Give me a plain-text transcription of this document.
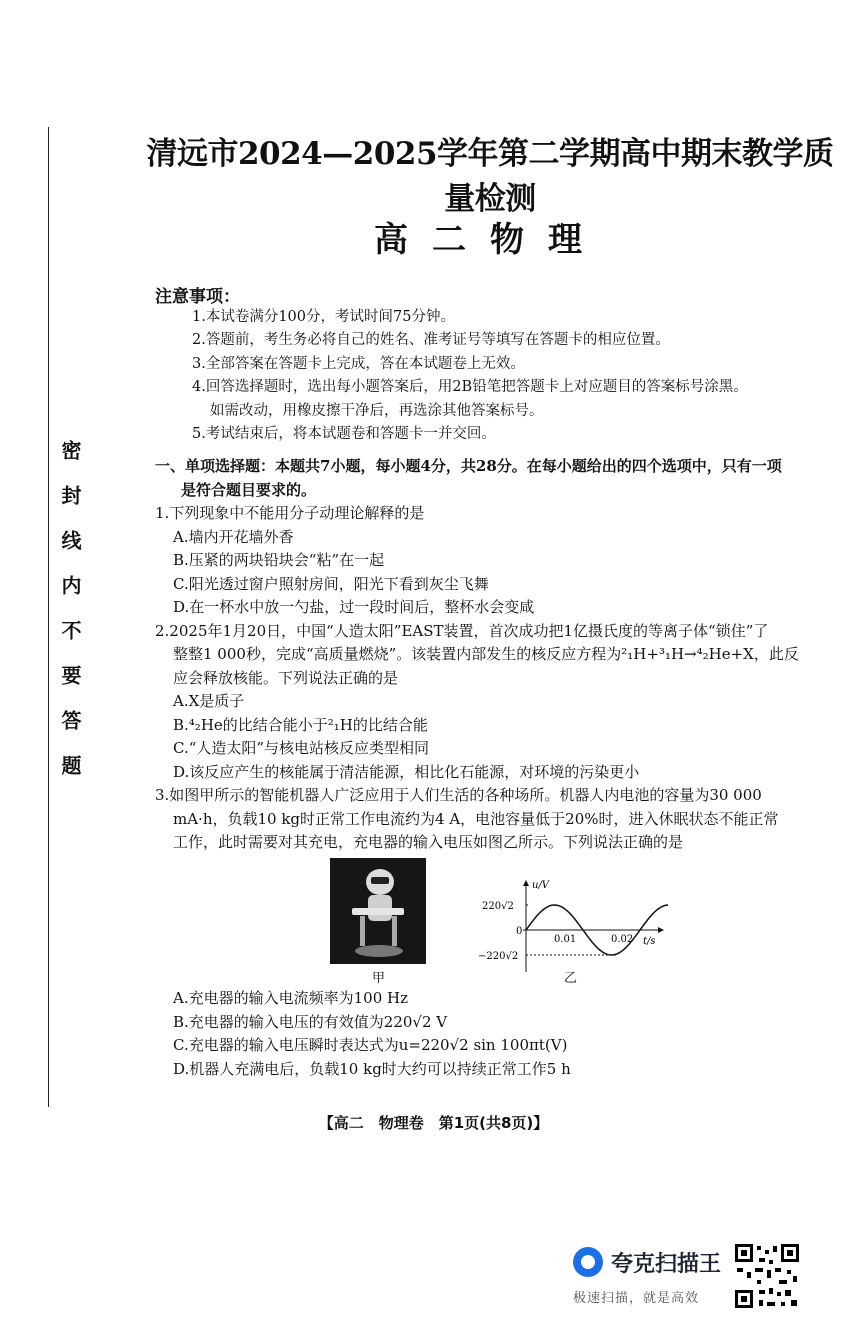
密封线内不要答题
清远市2024—2025学年第二学期高中期末教学质量检测
高二物理
注意事项：
1.本试卷满分100分，考试时间75分钟。
2.答题前，考生务必将自己的姓名、准考证号等填写在答题卡的相应位置。
3.全部答案在答题卡上完成，答在本试题卷上无效。
4.回答选择题时，选出每小题答案后，用2B铅笔把答题卡上对应题目的答案标号涂黑。
如需改动，用橡皮擦干净后，再选涂其他答案标号。
5.考试结束后，将本试题卷和答题卡一并交回。
一、单项选择题：本题共7小题，每小题4分，共28分。在每小题给出的四个选项中，只有一项
是符合题目要求的。
1.下列现象中不能用分子动理论解释的是
A.墙内开花墙外香
B.压紧的两块铅块会“粘”在一起
C.阳光透过窗户照射房间，阳光下看到灰尘飞舞
D.在一杯水中放一勺盐，过一段时间后，整杯水会变咸
2.2025年1月20日，中国“人造太阳”EAST装置，首次成功把1亿摄氏度的等离子体“锁住”了
整整1 000秒，完成“高质量燃烧”。该装置内部发生的核反应方程为²₁H+³₁H→⁴₂He+X，此反
应会释放核能。下列说法正确的是
A.X是质子
B.⁴₂He的比结合能小于²₁H的比结合能
C.“人造太阳”与核电站核反应类型相同
D.该反应产生的核能属于清洁能源，相比化石能源，对环境的污染更小
3.如图甲所示的智能机器人广泛应用于人们生活的各种场所。机器人内电池的容量为30 000
mA·h，负载10 kg时正常工作电流约为4 A，电池容量低于20%时，进入休眠状态不能正常
工作，此时需要对其充电，充电器的输入电压如图乙所示。下列说法正确的是
甲
u/V
t/s
220√2
−220√2
0
0.01	0.02
乙
A.充电器的输入电流频率为100 Hz
B.充电器的输入电压的有效值为220√2 V
C.充电器的输入电压瞬时表达式为u=220√2 sin 100πt(V)
D.机器人充满电后，负载10 kg时大约可以持续正常工作5 h
【高二　物理卷　第1页(共8页)】
夸克扫描王
极速扫描，就是高效
